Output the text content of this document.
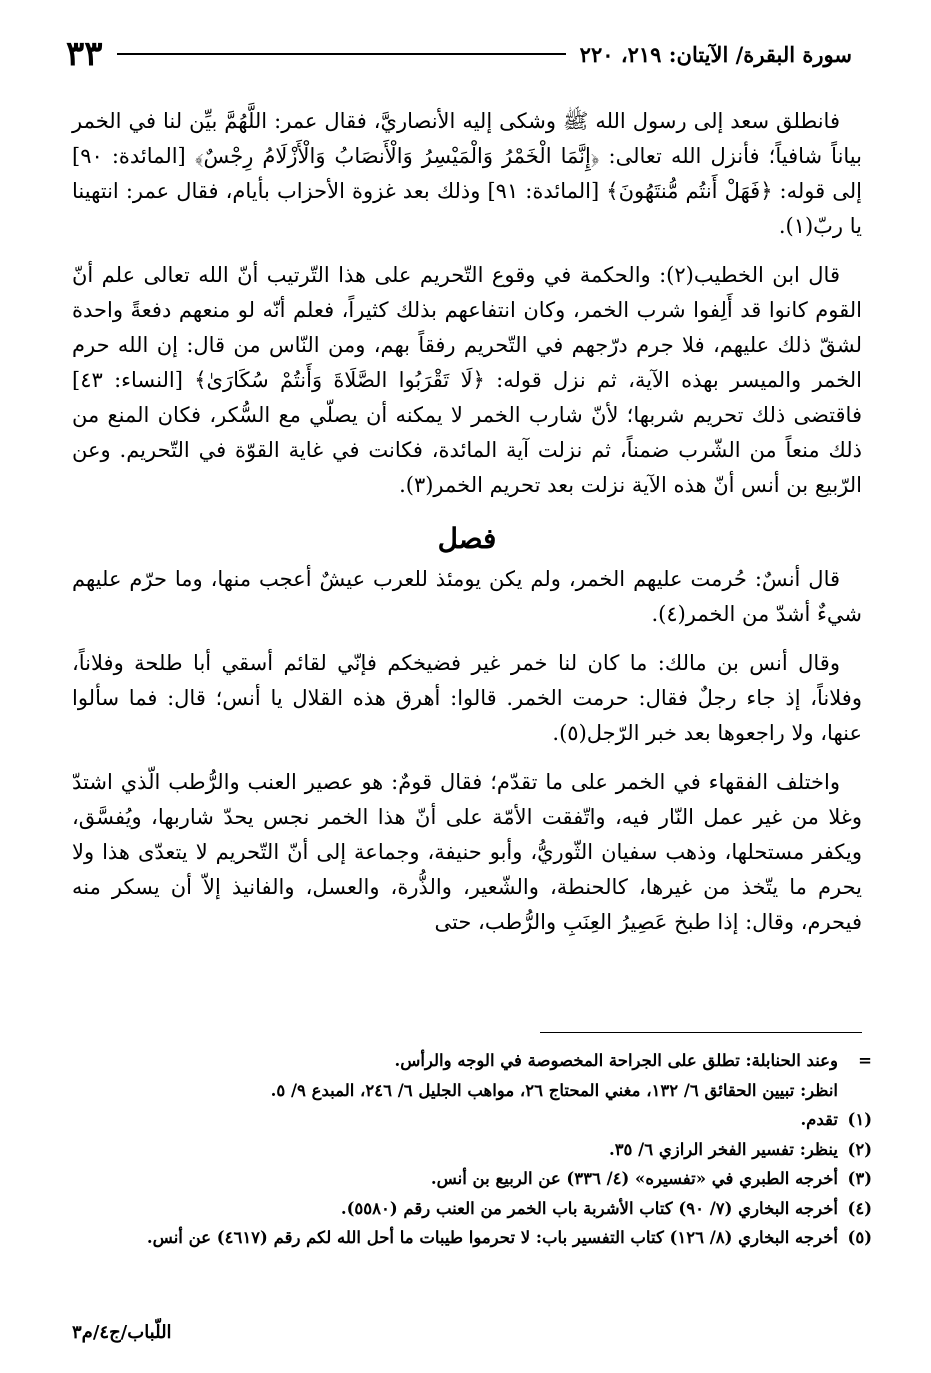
سورة البقرة/ الآيتان: ٢١٩، ٢٢٠
٣٣

فانطلق سعد إلى رسول الله ﷺ وشكى إليه الأنصاريَّ، فقال عمر: اللَّهُمَّ بيِّن لنا في الخمر بياناً شافياً؛ فأنزل الله تعالى: ﴿إِنَّمَا الْخَمْرُ وَالْمَيْسِرُ وَالْأَنصَابُ وَالْأَزْلَامُ رِجْسٌ﴾ [المائدة: ٩٠] إلى قوله: ﴿فَهَلْ أَنتُم مُّنتَهُونَ﴾ [المائدة: ٩١] وذلك بعد غزوة الأحزاب بأيام، فقال عمر: انتهينا يا ربّ(١).

قال ابن الخطيب(٢): والحكمة في وقوع التّحريم على هذا التّرتيب أنّ الله تعالى علم أنّ القوم كانوا قد أَلِفوا شرب الخمر، وكان انتفاعهم بذلك كثيراً، فعلم أنّه لو منعهم دفعةً واحدة لشقّ ذلك عليهم، فلا جرم درّجهم في التّحريم رفقاً بهم، ومن النّاس من قال: إن الله حرم الخمر والميسر بهذه الآية، ثم نزل قوله: ﴿لَا تَقْرَبُوا الصَّلَاةَ وَأَنتُمْ سُكَارَىٰ﴾ [النساء: ٤٣] فاقتضى ذلك تحريم شربها؛ لأنّ شارب الخمر لا يمكنه أن يصلّي مع السُّكر، فكان المنع من ذلك منعاً من الشّرب ضمناً، ثم نزلت آية المائدة، فكانت في غاية القوّة في التّحريم. وعن الرّبيع بن أنس أنّ هذه الآية نزلت بعد تحريم الخمر(٣).

فصل

قال أنسٌ: حُرمت عليهم الخمر، ولم يكن يومئذ للعرب عيشٌ أعجب منها، وما حرّم عليهم شيءٌ أشدّ من الخمر(٤).

وقال أنس بن مالك: ما كان لنا خمر غير فضيخكم فإنّي لقائم أسقي أبا طلحة وفلاناً، وفلاناً، إذ جاء رجلٌ فقال: حرمت الخمر. قالوا: أهرق هذه القلال يا أنس؛ قال: فما سألوا عنها، ولا راجعوها بعد خبر الرّجل(٥).

واختلف الفقهاء في الخمر على ما تقدّم؛ فقال قومٌ: هو عصير العنب والرُّطب الّذي اشتدّ وغلا من غير عمل النّار فيه، واتّفقت الأمّة على أنّ هذا الخمر نجس يحدّ شاربها، ويُفسَّق، ويكفر مستحلها، وذهب سفيان الثّوريُّ، وأبو حنيفة، وجماعة إلى أنّ التّحريم لا يتعدّى هذا ولا يحرم ما يتّخذ من غيرها، كالحنطة، والشّعير، والذُّرة، والعسل، والفانيذ إلاّ أن يسكر منه فيحرم، وقال: إذا طبخ عَصِيرُ العِنَبِ والرُّطب، حتى

=
وعند الحنابلة: تطلق على الجراحة المخصوصة في الوجه والرأس.
انظر: تبيين الحقائق ٦/ ١٣٢، مغني المحتاج ٢٦، مواهب الجليل ٦/ ٢٤٦، المبدع ٩/ ٥.
(١)
تقدم.
(٢)
ينظر: تفسير الفخر الرازي ٦/ ٣٥.
(٣)
أخرجه الطبري في «تفسيره» (٤/ ٣٣٦) عن الربيع بن أنس.
(٤)
أخرجه البخاري (٧/ ٩٠) كتاب الأشربة باب الخمر من العنب رقم (٥٥٨٠).
(٥)
أخرجه البخاري (٨/ ١٢٦) كتاب التفسير باب: لا تحرموا طيبات ما أحل الله لكم رقم (٤٦١٧) عن أنس.
اللّباب/ج٤/م٣
